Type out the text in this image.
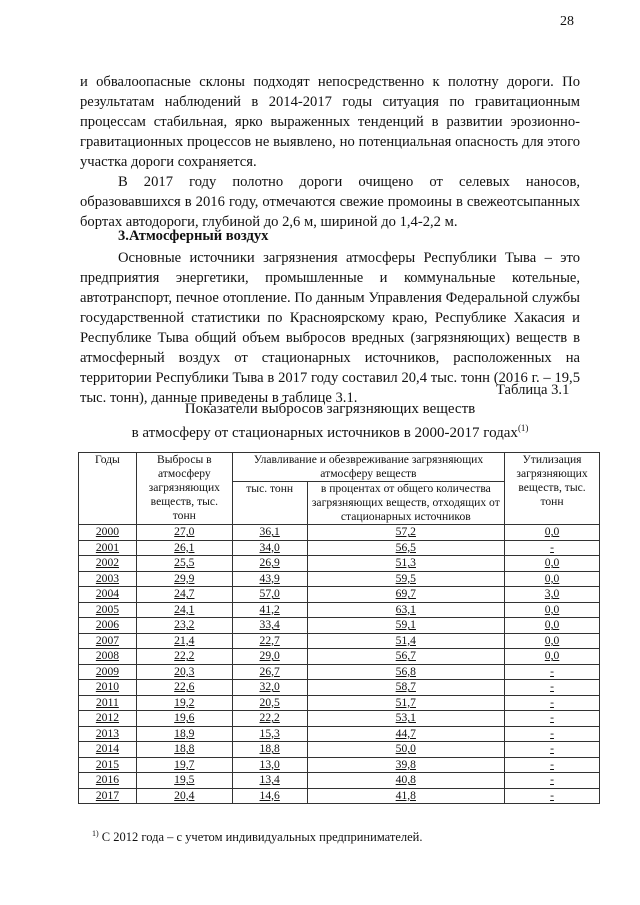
28

и обвалоопасные склоны подходят непосредственно к полотну дороги. По результатам наблюдений в 2014-2017 годы ситуация по гравитационным процессам стабильная, ярко выраженных тенденций в развитии эрозионно-гравитационных процессов не выявлено, но потенциальная опасность для этого участка дороги сохраняется.

В 2017 году полотно дороги очищено от селевых наносов, образовавшихся в 2016 году, отмечаются свежие промоины в свежеотсыпанных бортах автодороги, глубиной до 2,6 м, шириной до 1,4-2,2 м.

3.Атмосферный воздух

Основные источники загрязнения атмосферы Республики Тыва – это предприятия энергетики, промышленные и коммунальные котельные, автотранспорт, печное отопление. По данным Управления Федеральной службы государственной статистики по Красноярскому краю, Республике Хакасия и Республике Тыва общий объем выбросов вредных (загрязняющих) веществ в атмосферный воздух от стационарных источников, расположенных на территории Республики Тыва в 2017 году составил 20,4 тыс. тонн (2016 г. – 19,5 тыс. тонн), данные приведены в таблице 3.1.	Таблица 3.1
Показатели выбросов загрязняющих веществ
в атмосферу от стационарных источников в 2000-2017 годах$^{(1)}$
Годы	Выбросы в атмосферу загрязняющих веществ, тыс. тонн	Улавливание и обезвреживание загрязняющих атмосферу веществ		Утилизация загрязняющих веществ, тыс. тонн
		тыс. тонн	в процентах от общего количества загрязняющих веществ, отходящих от стационарных источников	
2000	27,0	36,1	57,2	0,0
2001	26,1	34,0	56,5	-
2002	25,5	26,9	51,3	0,0
2003	29,9	43,9	59,5	0,0
2004	24,7	57,0	69,7	3,0
2005	24,1	41,2	63,1	0,0
2006	23,2	33,4	59,1	0,0
2007	21,4	22,7	51,4	0,0
2008	22,2	29,0	56,7	0,0
2009	20,3	26,7	56,8	-
2010	22,6	32,0	58,7	-
2011	19,2	20,5	51,7	-
2012	19,6	22,2	53,1	-
2013	18,9	15,3	44,7	-
2014	18,8	18,8	50,0	-
2015	19,7	13,0	39,8	-
2016	19,5	13,4	40,8	-
2017	20,4	14,6	41,8	-
$^{1)}$ С 2012 года – с учетом индивидуальных предпринимателей.
